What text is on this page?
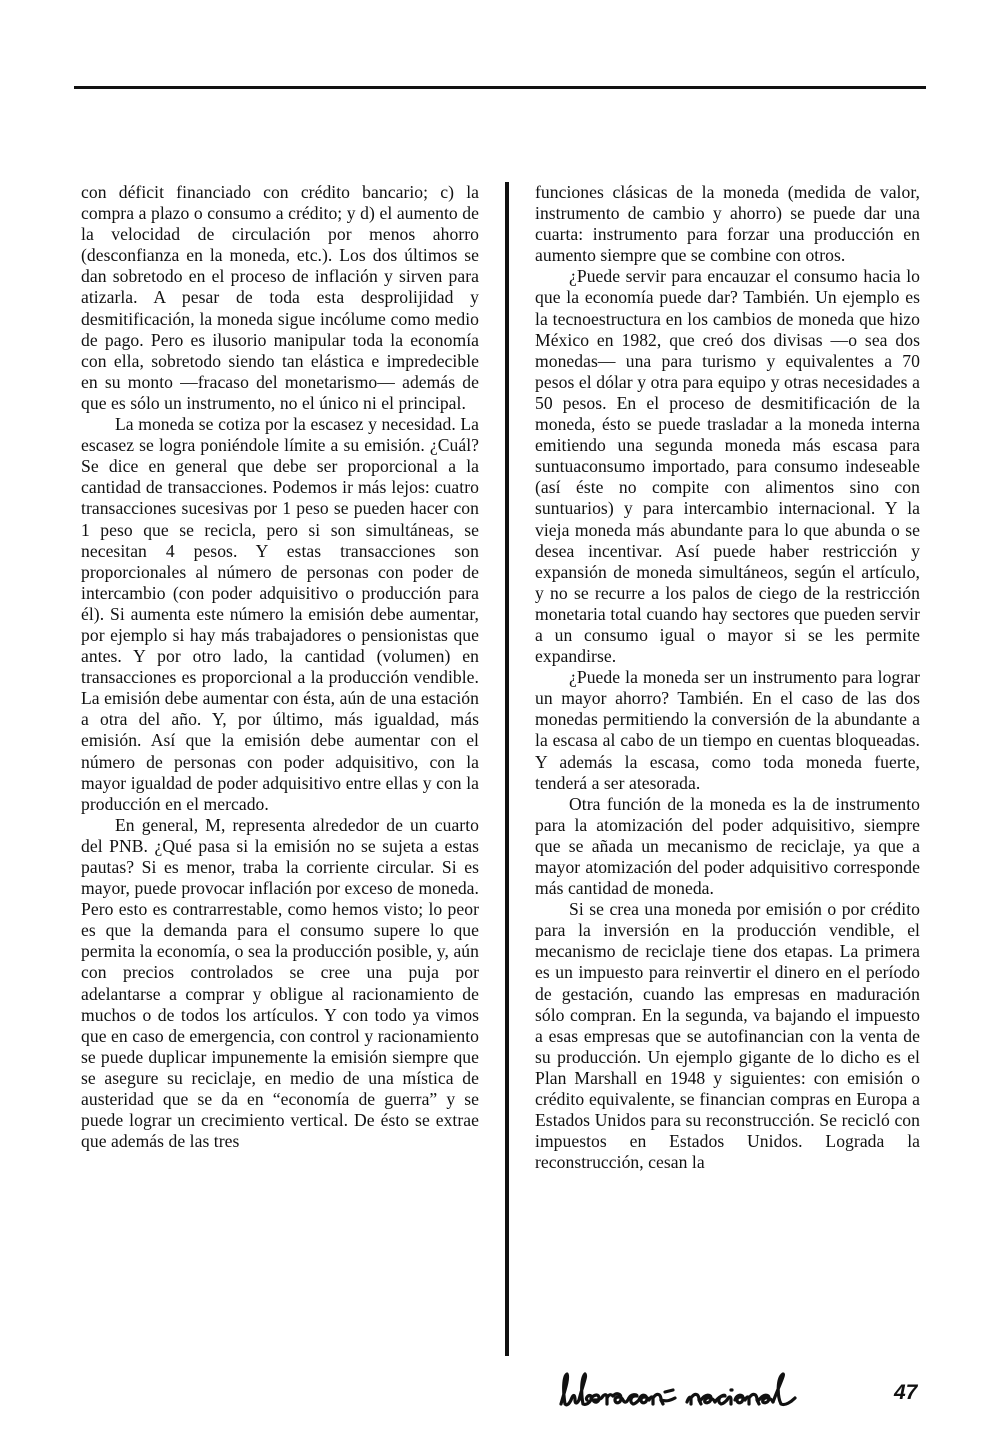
con déficit financiado con crédito bancario; c) la compra a plazo o consumo a crédito; y d) el aumento de la velocidad de circulación por menos ahorro (desconfianza en la moneda, etc.). Los dos últimos se dan sobretodo en el proceso de inflación y sirven para atizarla. A pesar de toda esta desprolijidad y desmitificación, la moneda sigue incólume como medio de pago. Pero es ilusorio manipular toda la economía con ella, sobretodo siendo tan elástica e impredecible en su monto —fracaso del monetarismo— además de que es sólo un instrumento, no el único ni el principal.

La moneda se cotiza por la escasez y necesidad. La escasez se logra poniéndole límite a su emisión. ¿Cuál? Se dice en general que debe ser proporcional a la cantidad de transacciones. Podemos ir más lejos: cuatro transacciones sucesivas por 1 peso se pueden hacer con 1 peso que se recicla, pero si son simultáneas, se necesitan 4 pesos. Y estas transacciones son proporcionales al número de personas con poder de intercambio (con poder adquisitivo o producción para él). Si aumenta este número la emisión debe aumentar, por ejemplo si hay más trabajadores o pensionistas que antes. Y por otro lado, la cantidad (volumen) en transacciones es proporcional a la producción vendible. La emisión debe aumentar con ésta, aún de una estación a otra del año. Y, por último, más igualdad, más emisión. Así que la emisión debe aumentar con el número de personas con poder adquisitivo, con la mayor igualdad de poder adquisitivo entre ellas y con la producción en el mercado.

En general, M, representa alrededor de un cuarto del PNB. ¿Qué pasa si la emisión no se sujeta a estas pautas? Si es menor, traba la corriente circular. Si es mayor, puede provocar inflación por exceso de moneda. Pero esto es contrarrestable, como hemos visto; lo peor es que la demanda para el consumo supere lo que permita la economía, o sea la producción posible, y, aún con precios controlados se cree una puja por adelantarse a comprar y obligue al racionamiento de muchos o de todos los artículos. Y con todo ya vimos que en caso de emergencia, con control y racionamiento se puede duplicar impunemente la emisión siempre que se asegure su reciclaje, en medio de una mística de austeridad que se da en “economía de guerra” y se puede lograr un crecimiento vertical. De ésto se extrae que además de las tres

funciones clásicas de la moneda (medida de valor, instrumento de cambio y ahorro) se puede dar una cuarta: instrumento para forzar una producción en aumento siempre que se combine con otros.

¿Puede servir para encauzar el consumo hacia lo que la economía puede dar? También. Un ejemplo es la tecnoestructura en los cambios de moneda que hizo México en 1982, que creó dos divisas —o sea dos monedas— una para turismo y equivalentes a 70 pesos el dólar y otra para equipo y otras necesidades a 50 pesos. En el proceso de desmitificación de la moneda, ésto se puede trasladar a la moneda interna emitiendo una segunda moneda más escasa para suntuaconsumo importado, para consumo indeseable (así éste no compite con alimentos sino con suntuarios) y para intercambio internacional. Y la vieja moneda más abundante para lo que abunda o se desea incentivar. Así puede haber restricción y expansión de moneda simultáneos, según el artículo, y no se recurre a los palos de ciego de la restricción monetaria total cuando hay sectores que pueden servir a un consumo igual o mayor si se les permite expandirse.

¿Puede la moneda ser un instrumento para lograr un mayor ahorro? También. En el caso de las dos monedas permitiendo la conversión de la abundante a la escasa al cabo de un tiempo en cuentas bloqueadas. Y además la escasa, como toda moneda fuerte, tenderá a ser atesorada.

Otra función de la moneda es la de instrumento para la atomización del poder adquisitivo, siempre que se añada un mecanismo de reciclaje, ya que a mayor atomización del poder adquisitivo corresponde más cantidad de moneda.

Si se crea una moneda por emisión o por crédito para la inversión en la producción vendible, el mecanismo de reciclaje tiene dos etapas. La primera es un impuesto para reinvertir el dinero en el período de gestación, cuando las empresas en maduración sólo compran. En la segunda, va bajando el impuesto a esas empresas que se autofinancian con la venta de su producción. Un ejemplo gigante de lo dicho es el Plan Marshall en 1948 y siguientes: con emisión o crédito equivalente, se financian compras en Europa a Estados Unidos para su reconstrucción. Se recicló con impuestos en Estados Unidos. Lograda la reconstrucción, cesan la

liberación nacional
47
